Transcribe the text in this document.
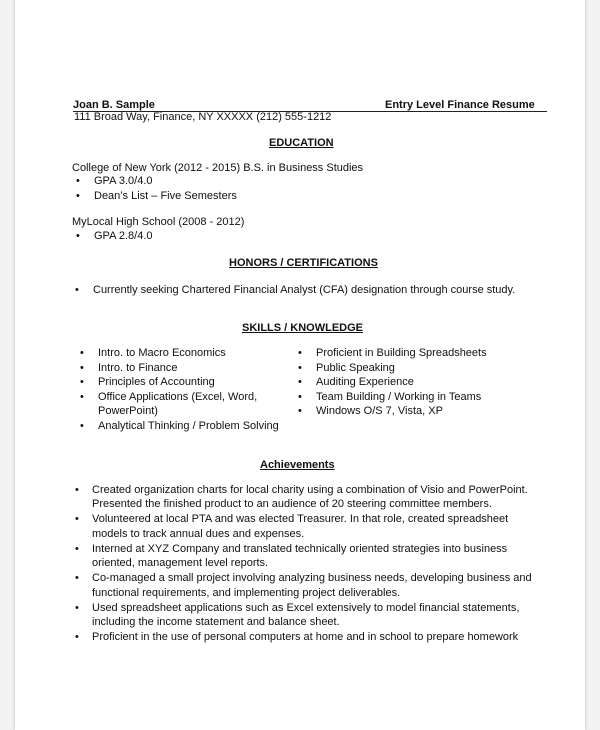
Joan B. Sample	Entry Level Finance Resume
111 Broad Way, Finance, NY XXXXX (212) 555-1212
EDUCATION
College of New York (2012 - 2015) B.S. in Business Studies
• GPA 3.0/4.0
• Dean’s List – Five Semesters
MyLocal High School (2008 - 2012)
• GPA 2.8/4.0
HONORS / CERTIFICATIONS
• Currently seeking Chartered Financial Analyst (CFA) designation through course study.
SKILLS / KNOWLEDGE
• Intro. to Macro Economics
• Intro. to Finance
• Principles of Accounting
• Office Applications (Excel, Word,
PowerPoint)
• Analytical Thinking / Problem Solving
• Proficient in Building Spreadsheets
• Public Speaking
• Auditing Experience
• Team Building / Working in Teams
• Windows O/S 7, Vista, XP
Achievements
• Created organization charts for local charity using a combination of Visio and PowerPoint.
Presented the finished product to an audience of 20 steering committee members.
• Volunteered at local PTA and was elected Treasurer. In that role, created spreadsheet
models to track annual dues and expenses.
• Interned at XYZ Company and translated technically oriented strategies into business
oriented, management level reports.
• Co-managed a small project involving analyzing business needs, developing business and
functional requirements, and implementing project deliverables.
• Used spreadsheet applications such as Excel extensively to model financial statements,
including the income statement and balance sheet.
• Proficient in the use of personal computers at home and in school to prepare homework
